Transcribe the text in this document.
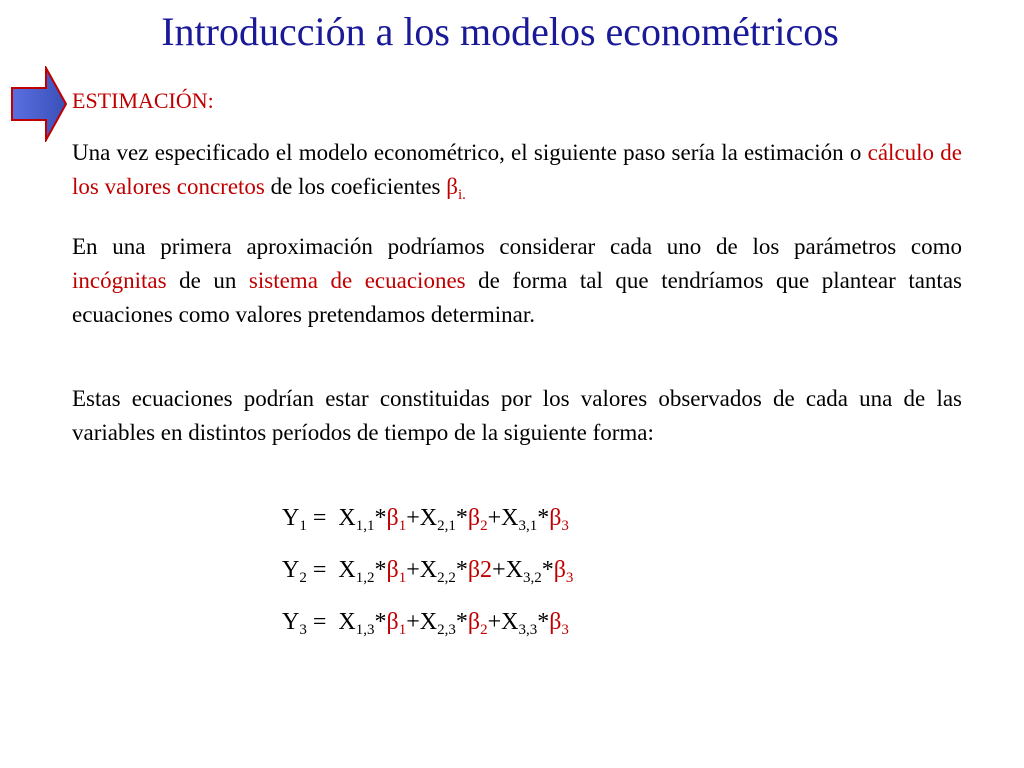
Introducción a los modelos econométricos
ESTIMACIÓN:

Una vez especificado el modelo econométrico, el siguiente paso sería la estimación o cálculo de los valores concretos de los coeficientes $\beta_{i.}$

En una primera aproximación podríamos considerar cada uno de los parámetros como incógnitas de un sistema de ecuaciones de forma tal que tendríamos que plantear tantas ecuaciones como valores pretendamos determinar.

Estas ecuaciones podrían estar constituidas por los valores observados de cada una de las variables en distintos períodos de tiempo de la siguiente forma:

$Y_1 = X_{1,1}*\beta_1+X_{2,1}*\beta_2+X_{3,1}*\beta_3$
$Y_2 = X_{1,2}*\beta_1+X_{2,2}*\beta 2+X_{3,2}*\beta_3$
$Y_3 = X_{1,3}*\beta_1+X_{2,3}*\beta_2+X_{3,3}*\beta_3$
